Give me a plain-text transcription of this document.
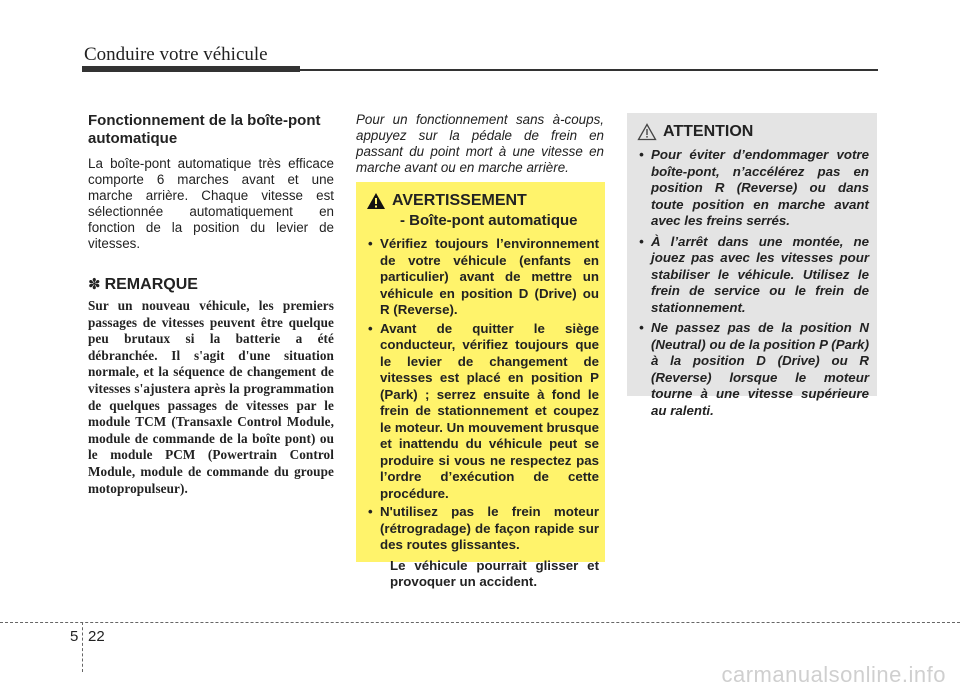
Conduire votre véhicule
Fonctionnement de la boîte-pont automatique

La boîte-pont automatique très efficace comporte 6 marches avant et une marche arrière. Chaque vitesse est sélectionnée automatiquement en fonction de la position du levier de vitesses.

✽ REMARQUE

Sur un nouveau véhicule, les premiers passages de vitesses peuvent être quelque peu brutaux si la batterie a été débranchée. Il s'agit d'une situation normale, et la séquence de changement de vitesses s'ajustera après la programmation de quelques passages de vitesses par le module TCM (Transaxle Control Module, module de commande de la boîte pont) ou le module PCM (Powertrain Control Module, module de commande du groupe motopropulseur).

Pour un fonctionnement sans à-coups, appuyez sur la pédale de frein en passant du point mort à une vitesse en marche avant ou en marche arrière.

AVERTISSEMENT
- Boîte-pont automatique
• Vérifiez toujours l’environnement de votre véhicule (enfants en particulier) avant de mettre un véhicule en position D (Drive) ou R (Reverse).
• Avant de quitter le siège conducteur, vérifiez toujours que le levier de changement de vitesses est placé en position P (Park) ; serrez ensuite à fond le frein de stationnement et coupez le moteur. Un mouvement brusque et inattendu du véhicule peut se produire si vous ne respectez pas l’ordre d’exécution de cette procédure.
• N'utilisez pas le frein moteur (rétrogradage) de façon rapide sur des routes glissantes.

Le véhicule pourrait glisser et provoquer un accident.

ATTENTION
• Pour éviter d’endommager votre boîte-pont, n’accélérez pas en position R (Reverse) ou dans toute position en marche avant avec les freins serrés.
• À l’arrêt dans une montée, ne jouez pas avec les vitesses pour stabiliser le véhicule. Utilisez le frein de service ou le frein de stationnement.
• Ne passez pas de la position N (Neutral) ou de la position P (Park) à la position D (Drive) ou R (Reverse) lorsque le moteur tourne à une vitesse supérieure au ralenti.
5 22
carmanualsonline.info
